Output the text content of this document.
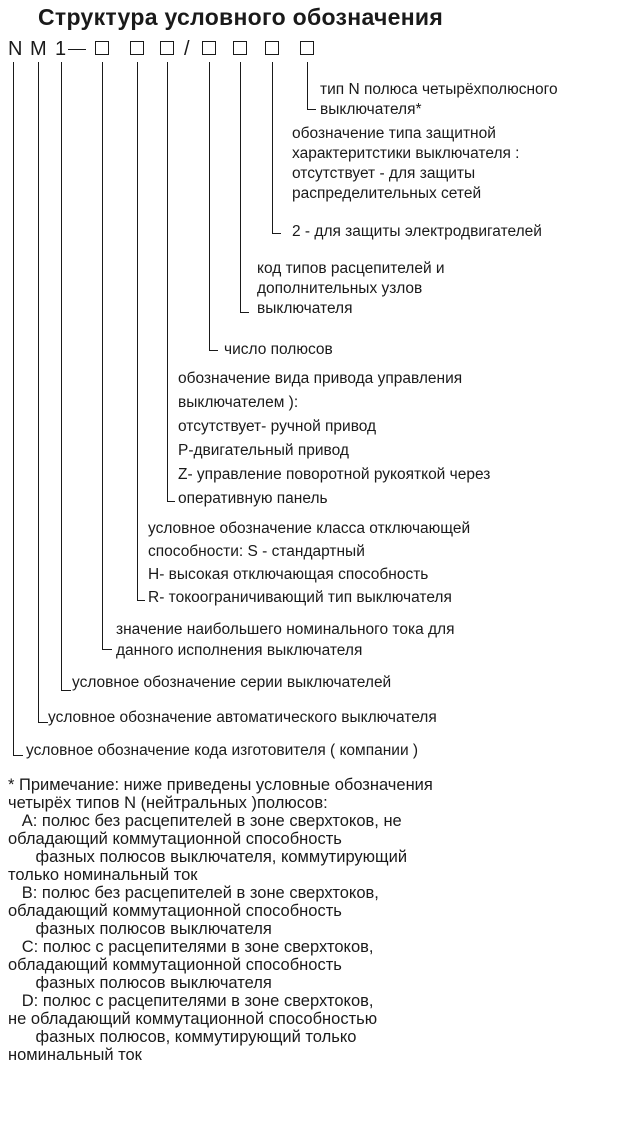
Структура условного обозначения
N M 1	/
тип N полюса четырёхполюсного
выключателя*
обозначение типа защитной
характеритстики выключателя :
отсутствует - для защиты
распределительных сетей
2 - для защиты электродвигателей
код типов расцепителей и
дополнительных узлов
выключателя
число полюсов
обозначение вида привода управления
выключателем ):
отсутствует- ручной привод
Р-двигательный привод
Z- управление поворотной рукояткой через
оперативную панель
условное обозначение класса отключающей
способности: S - стандартный
H- высокая отключающая способность
R- токоограничивающий тип выключателя
значение наибольшего номинального тока для
данного исполнения выключателя
условное обозначение серии выключателей
условное обозначение автоматического выключателя
условное обозначение кода изготовителя ( компании )
* Примечание: ниже приведены условные обозначения
четырёх типов N (нейтральных )полюсов:
А: полюс без расцепителей в зоне сверхтоков, не
обладающий коммутационной способность
фазных полюсов выключателя, коммутирующий
только номинальный ток
В: полюс без расцепителей в зоне сверхтоков,
обладающий коммутационной способность
фазных полюсов выключателя
С: полюс с расцепителями в зоне сверхтоков,
обладающий коммутационной способность
фазных полюсов выключателя
D: полюс с расцепителями в зоне сверхтоков,
не обладающий коммутационной способностью
фазных полюсов, коммутирующий только
номинальный ток
